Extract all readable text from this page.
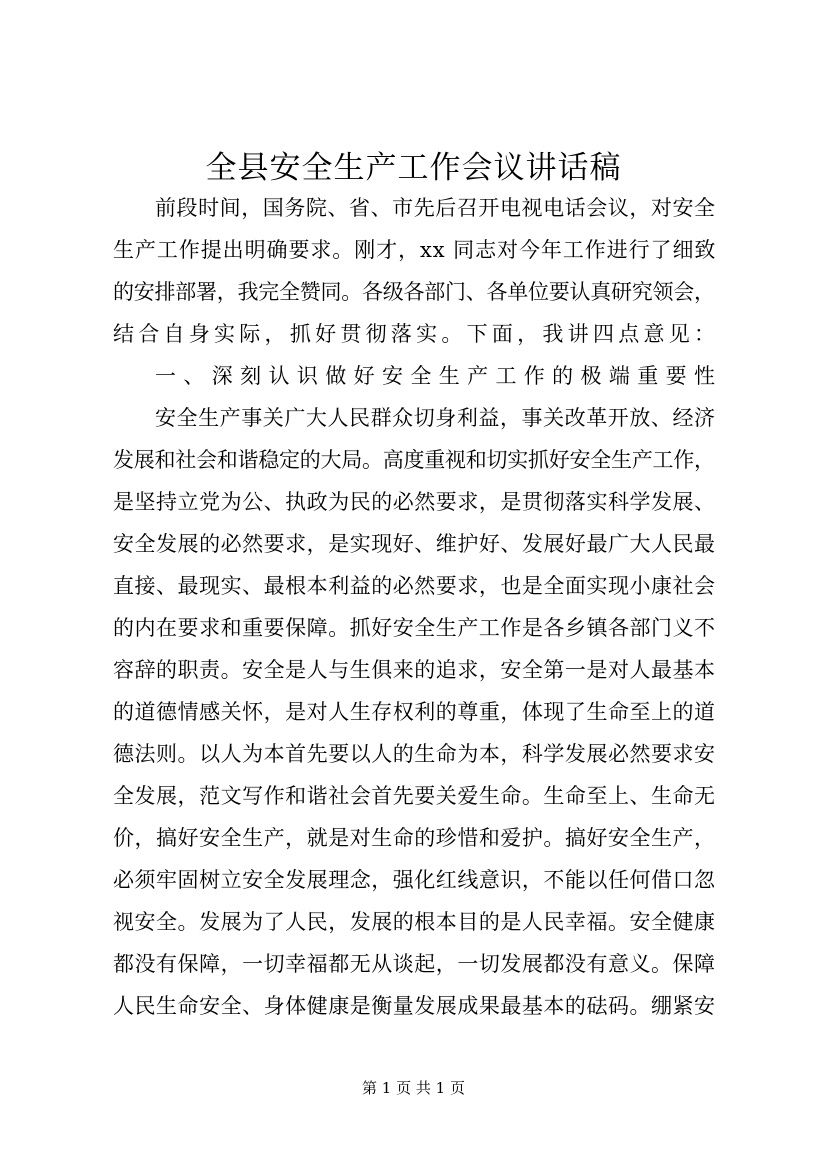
全县安全生产工作会议讲话稿
前段时间，国务院、省、市先后召开电视电话会议，对安全
生产工作提出明确要求。刚才，xx 同志对今年工作进行了细致
的安排部署，我完全赞同。各级各部门、各单位要认真研究领会，
结合自身实际，抓好贯彻落实。下面，我讲四点意见：
一、深刻认识做好安全生产工作的极端重要性
安全生产事关广大人民群众切身利益，事关改革开放、经济
发展和社会和谐稳定的大局。高度重视和切实抓好安全生产工作，
是坚持立党为公、执政为民的必然要求，是贯彻落实科学发展、
安全发展的必然要求，是实现好、维护好、发展好最广大人民最
直接、最现实、最根本利益的必然要求，也是全面实现小康社会
的内在要求和重要保障。抓好安全生产工作是各乡镇各部门义不
容辞的职责。安全是人与生俱来的追求，安全第一是对人最基本
的道德情感关怀，是对人生存权利的尊重，体现了生命至上的道
德法则。以人为本首先要以人的生命为本，科学发展必然要求安
全发展，范文写作和谐社会首先要关爱生命。生命至上、生命无
价，搞好安全生产，就是对生命的珍惜和爱护。搞好安全生产，
必须牢固树立安全发展理念，强化红线意识，不能以任何借口忽
视安全。发展为了人民，发展的根本目的是人民幸福。安全健康
都没有保障，一切幸福都无从谈起，一切发展都没有意义。保障
人民生命安全、身体健康是衡量发展成果最基本的砝码。绷紧安
第 1 页 共 1 页
